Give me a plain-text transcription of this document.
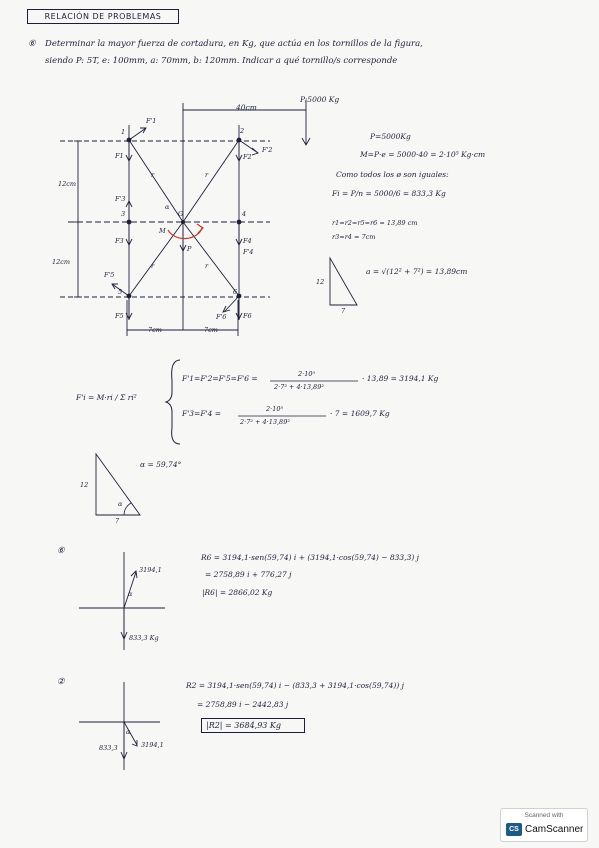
RELACIÓN DE PROBLEMAS
⑥ Determinar la mayor fuerza de cortadura, en Kg, que actúa en los tornillos de la figura,
siendo P: 5T, e: 100mm, a: 70mm, b: 120mm. Indicar a qué tornillo/s corresponde
40cm
P:5000 Kg
12cm
12cm
7cm	7cm
1	2
3	4
5	6
G
M
α
r	r
r	r
F1
F'1
F2
F'2
F3
F'3
F4
F'4
F5
F'5
F6
F'6
P
P=5000Kg
M=P·e = 5000·40 = 2·10⁵ Kg·cm
Como todos los ø son iguales:
Fi = P/n = 5000/6 = 833,3 Kg
r1=r2=r5=r6 = 13,89 cm
r3=r4 = 7cm
a = √(12² + 7²) = 13,89cm
12
7
F'i = M·ri / Σ ri²
F'1=F'2=F'5=F'6 =	2·10⁵
2·7² + 4·13,89²
· 13,89 = 3194,1 Kg
F'3=F'4 =	2·10⁵
2·7² + 4·13,89²
· 7 = 1609,7 Kg
α = 59,74°
12
7
α
⑥
3194,1
α
833,3 Kg
R6 = 3194,1·sen(59,74) i + (3194,1·cos(59,74) − 833,3) j
= 2758,89 i + 776,27 j
|R6| = 2866,02 Kg
②
3194,1
833,3
α
R2 = 3194,1·sen(59,74) i − (833,3 + 3194,1·cos(59,74)) j
= 2758,89 i − 2442,83 j
|R2| = 3684,93 Kg
Scanned with
CS CamScanner
